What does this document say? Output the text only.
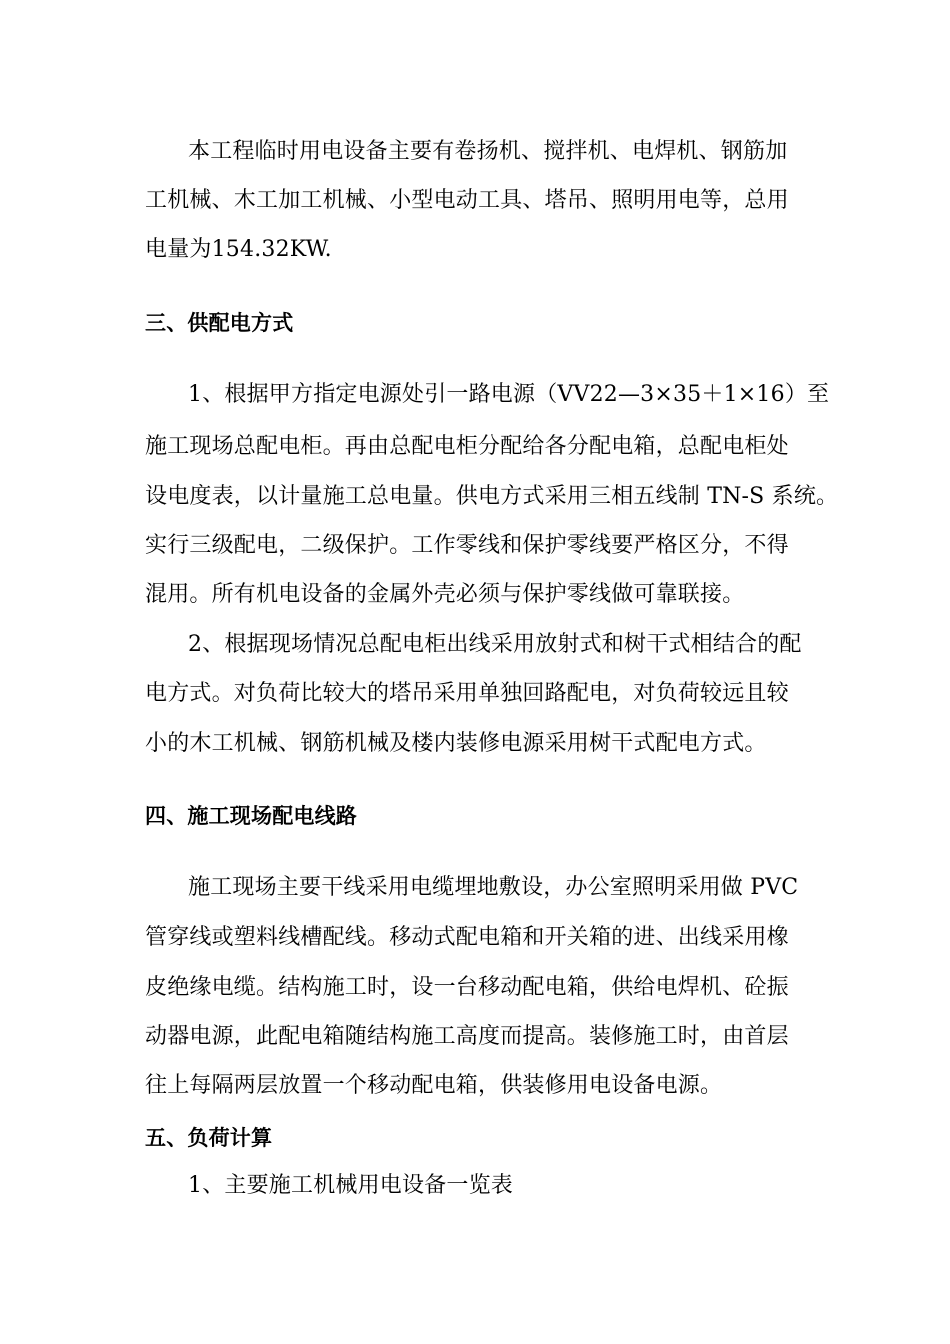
本工程临时用电设备主要有卷扬机、搅拌机、电焊机、钢筋加
工机械、木工加工机械、小型电动工具、塔吊、照明用电等，总用
电量为154.32KW.
三、供配电方式
1、根据甲方指定电源处引一路电源（VV22—3×35＋1×16）至
施工现场总配电柜。再由总配电柜分配给各分配电箱，总配电柜处
设电度表，以计量施工总电量。供电方式采用三相五线制 TN-S 系统。
实行三级配电，二级保护。工作零线和保护零线要严格区分，不得
混用。所有机电设备的金属外壳必须与保护零线做可靠联接。
2、根据现场情况总配电柜出线采用放射式和树干式相结合的配
电方式。对负荷比较大的塔吊采用单独回路配电，对负荷较远且较
小的木工机械、钢筋机械及楼内装修电源采用树干式配电方式。
四、施工现场配电线路
施工现场主要干线采用电缆埋地敷设，办公室照明采用做 PVC
管穿线或塑料线槽配线。移动式配电箱和开关箱的进、出线采用橡
皮绝缘电缆。结构施工时，设一台移动配电箱，供给电焊机、砼振
动器电源，此配电箱随结构施工高度而提高。装修施工时，由首层
往上每隔两层放置一个移动配电箱，供装修用电设备电源。
五、负荷计算
1、主要施工机械用电设备一览表
